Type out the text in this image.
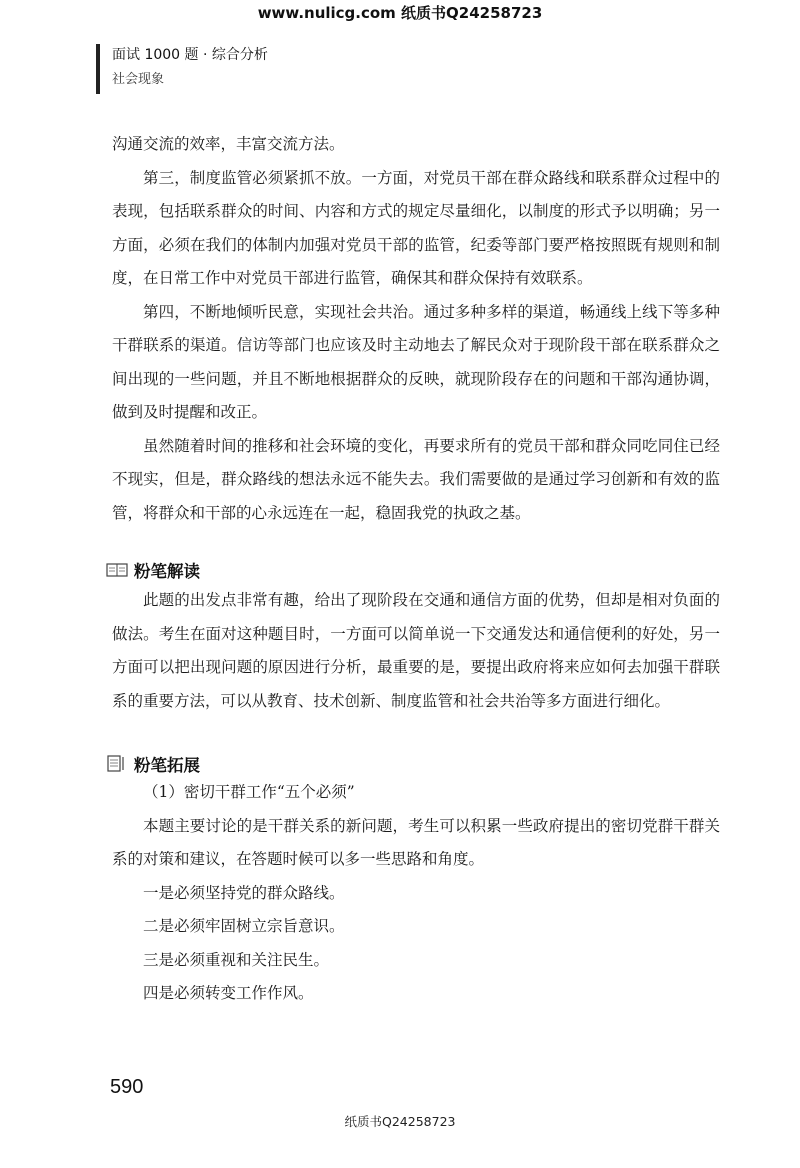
www.nulicg.com 纸质书Q24258723
面试 1000 题 · 综合分析
社会现象

沟通交流的效率，丰富交流方法。

第三，制度监管必须紧抓不放。一方面，对党员干部在群众路线和联系群众过程中的表现，包括联系群众的时间、内容和方式的规定尽量细化，以制度的形式予以明确；另一方面，必须在我们的体制内加强对党员干部的监管，纪委等部门要严格按照既有规则和制度，在日常工作中对党员干部进行监管，确保其和群众保持有效联系。

第四，不断地倾听民意，实现社会共治。通过多种多样的渠道，畅通线上线下等多种干群联系的渠道。信访等部门也应该及时主动地去了解民众对于现阶段干部在联系群众之间出现的一些问题，并且不断地根据群众的反映，就现阶段存在的问题和干部沟通协调，做到及时提醒和改正。

虽然随着时间的推移和社会环境的变化，再要求所有的党员干部和群众同吃同住已经不现实，但是，群众路线的想法永远不能失去。我们需要做的是通过学习创新和有效的监管，将群众和干部的心永远连在一起，稳固我党的执政之基。

粉笔解读

此题的出发点非常有趣，给出了现阶段在交通和通信方面的优势，但却是相对负面的做法。考生在面对这种题目时，一方面可以简单说一下交通发达和通信便利的好处，另一方面可以把出现问题的原因进行分析，最重要的是，要提出政府将来应如何去加强干群联系的重要方法，可以从教育、技术创新、制度监管和社会共治等多方面进行细化。

粉笔拓展

（1）密切干群工作“五个必须”

本题主要讨论的是干群关系的新问题，考生可以积累一些政府提出的密切党群干群关系的对策和建议，在答题时候可以多一些思路和角度。

一是必须坚持党的群众路线。

二是必须牢固树立宗旨意识。

三是必须重视和关注民生。

四是必须转变工作作风。

590
纸质书Q24258723
